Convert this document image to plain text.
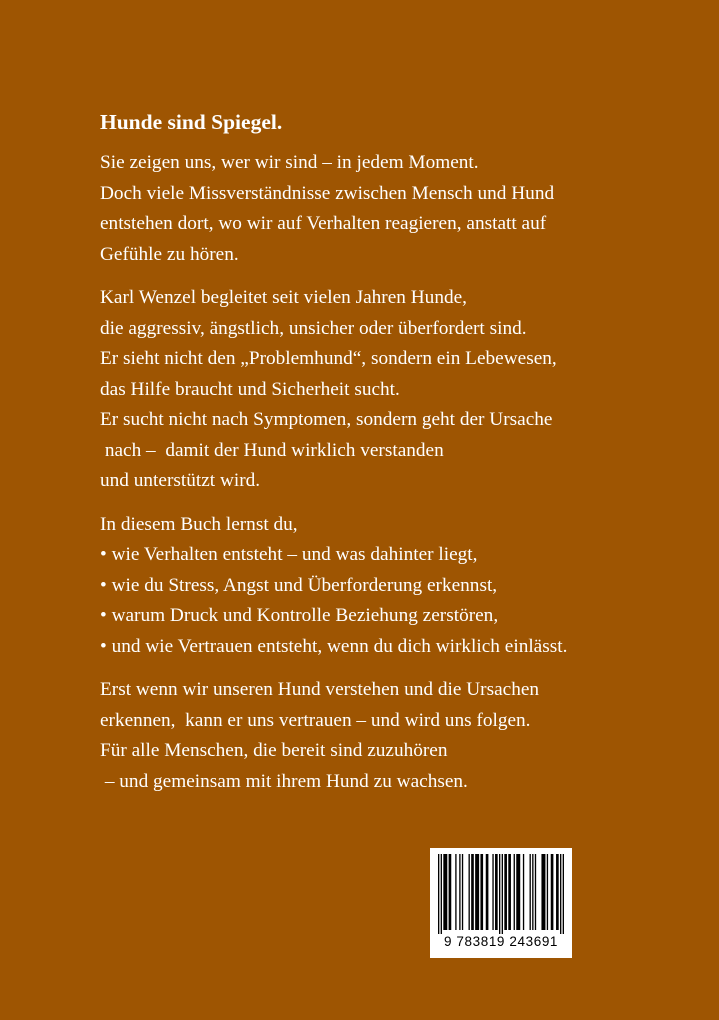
Hunde sind Spiegel.
Sie zeigen uns, wer wir sind – in jedem Moment.
Doch viele Missverständnisse zwischen Mensch und Hund
entstehen dort, wo wir auf Verhalten reagieren, anstatt auf
Gefühle zu hören.
Karl Wenzel begleitet seit vielen Jahren Hunde,
die aggressiv, ängstlich, unsicher oder überfordert sind.
Er sieht nicht den „Problemhund“, sondern ein Lebewesen,
das Hilfe braucht und Sicherheit sucht.
Er sucht nicht nach Symptomen, sondern geht der Ursache
nach –  damit der Hund wirklich verstanden
und unterstützt wird.
In diesem Buch lernst du,
• wie Verhalten entsteht – und was dahinter liegt,
• wie du Stress, Angst und Überforderung erkennst,
• warum Druck und Kontrolle Beziehung zerstören,
• und wie Vertrauen entsteht, wenn du dich wirklich einlässt.
Erst wenn wir unseren Hund verstehen und die Ursachen
erkennen,  kann er uns vertrauen – und wird uns folgen.
Für alle Menschen, die bereit sind zuzuhören
– und gemeinsam mit ihrem Hund zu wachsen.
9 783819 243691
